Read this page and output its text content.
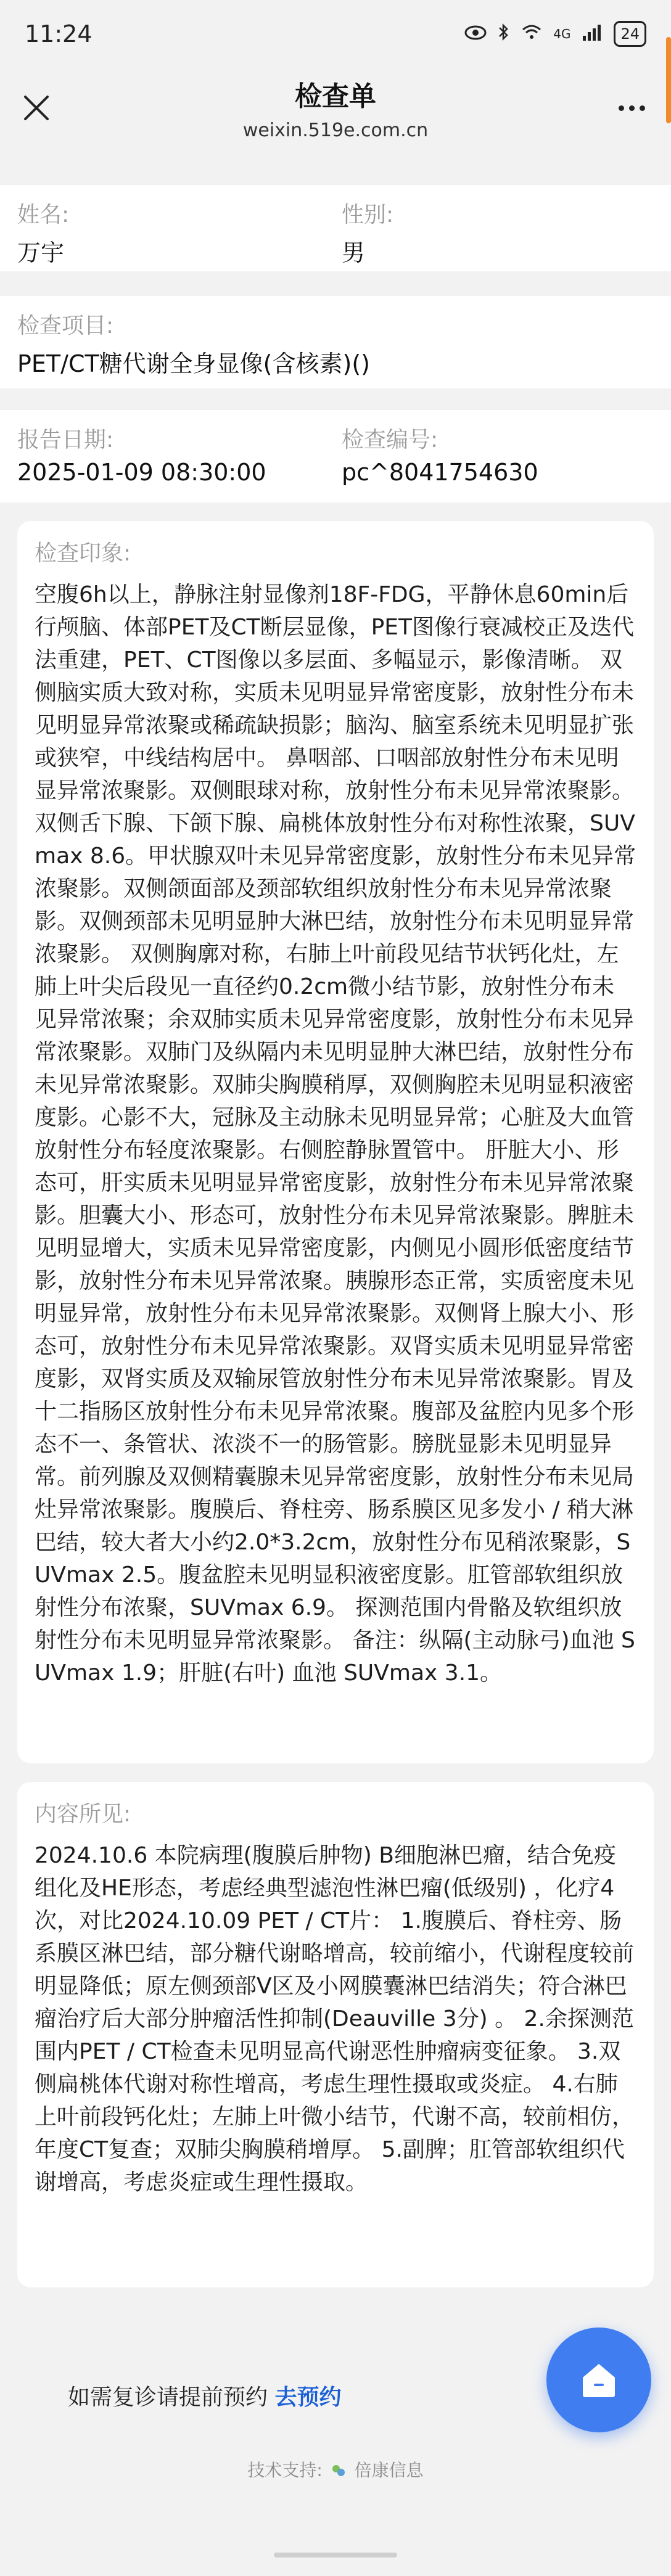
11:24	4G	24
检查单
weixin.519e.com.cn
姓名:
万宇
性别:
男
检查项目:
PET/CT糖代谢全身显像(含核素)()
报告日期:
2025-01-09 08:30:00
检查编号:
pc^8041754630
检查印象:
空腹6h以上，静脉注射显像剂18F-FDG，平静休息60min后行颅脑、体部PET及CT断层显像，PET图像行衰减校正及迭代法重建，PET、CT图像以多层面、多幅显示，影像清晰。 双侧脑实质大致对称，实质未见明显异常密度影，放射性分布未见明显异常浓聚或稀疏缺损影；脑沟、脑室系统未见明显扩张或狭窄，中线结构居中。 鼻咽部、口咽部放射性分布未见明显异常浓聚影。双侧眼球对称，放射性分布未见异常浓聚影。双侧舌下腺、下颌下腺、扁桃体放射性分布对称性浓聚，SUVmax 8.6。甲状腺双叶未见异常密度影，放射性分布未见异常浓聚影。双侧颌面部及颈部软组织放射性分布未见异常浓聚影。双侧颈部未见明显肿大淋巴结，放射性分布未见明显异常浓聚影。 双侧胸廓对称，右肺上叶前段见结节状钙化灶，左肺上叶尖后段见一直径约0.2cm微小结节影，放射性分布未见异常浓聚；余双肺实质未见异常密度影，放射性分布未见异常浓聚影。双肺门及纵隔内未见明显肿大淋巴结，放射性分布未见异常浓聚影。双肺尖胸膜稍厚，双侧胸腔未见明显积液密度影。心影不大，冠脉及主动脉未见明显异常；心脏及大血管放射性分布轻度浓聚影。右侧腔静脉置管中。 肝脏大小、形态可，肝实质未见明显异常密度影，放射性分布未见异常浓聚影。胆囊大小、形态可，放射性分布未见异常浓聚影。脾脏未见明显增大，实质未见异常密度影，内侧见小圆形低密度结节影，放射性分布未见异常浓聚。胰腺形态正常，实质密度未见明显异常，放射性分布未见异常浓聚影。双侧肾上腺大小、形态可，放射性分布未见异常浓聚影。双肾实质未见明显异常密度影，双肾实质及双输尿管放射性分布未见异常浓聚影。胃及十二指肠区放射性分布未见异常浓聚。腹部及盆腔内见多个形态不一、条管状、浓淡不一的肠管影。膀胱显影未见明显异常。前列腺及双侧精囊腺未见异常密度影，放射性分布未见局灶异常浓聚影。腹膜后、脊柱旁、肠系膜区见多发小 / 稍大淋巴结，较大者大小约2.0*3.2cm，放射性分布见稍浓聚影，SUVmax 2.5。腹盆腔未见明显积液密度影。肛管部软组织放射性分布浓聚，SUVmax 6.9。 探测范围内骨骼及软组织放射性分布未见明显异常浓聚影。 备注：纵隔(主动脉弓)血池 SUVmax 1.9；肝脏(右叶) 血池 SUVmax 3.1。
内容所见:
2024.10.6 本院病理(腹膜后肿物) B细胞淋巴瘤，结合免疫组化及HE形态，考虑经典型滤泡性淋巴瘤(低级别) ，化疗4次，对比2024.10.09 PET / CT片： 1.腹膜后、脊柱旁、肠系膜区淋巴结，部分糖代谢略增高，较前缩小，代谢程度较前明显降低；原左侧颈部V区及小网膜囊淋巴结消失；符合淋巴瘤治疗后大部分肿瘤活性抑制(Deauville 3分) 。 2.余探测范围内PET / CT检查未见明显高代谢恶性肿瘤病变征象。 3.双侧扁桃体代谢对称性增高，考虑生理性摄取或炎症。 4.右肺上叶前段钙化灶；左肺上叶微小结节，代谢不高，较前相仿，年度CT复查；双肺尖胸膜稍增厚。 5.副脾；肛管部软组织代谢增高，考虑炎症或生理性摄取。
如需复诊请提前预约 去预约
技术支持: 倍康信息
